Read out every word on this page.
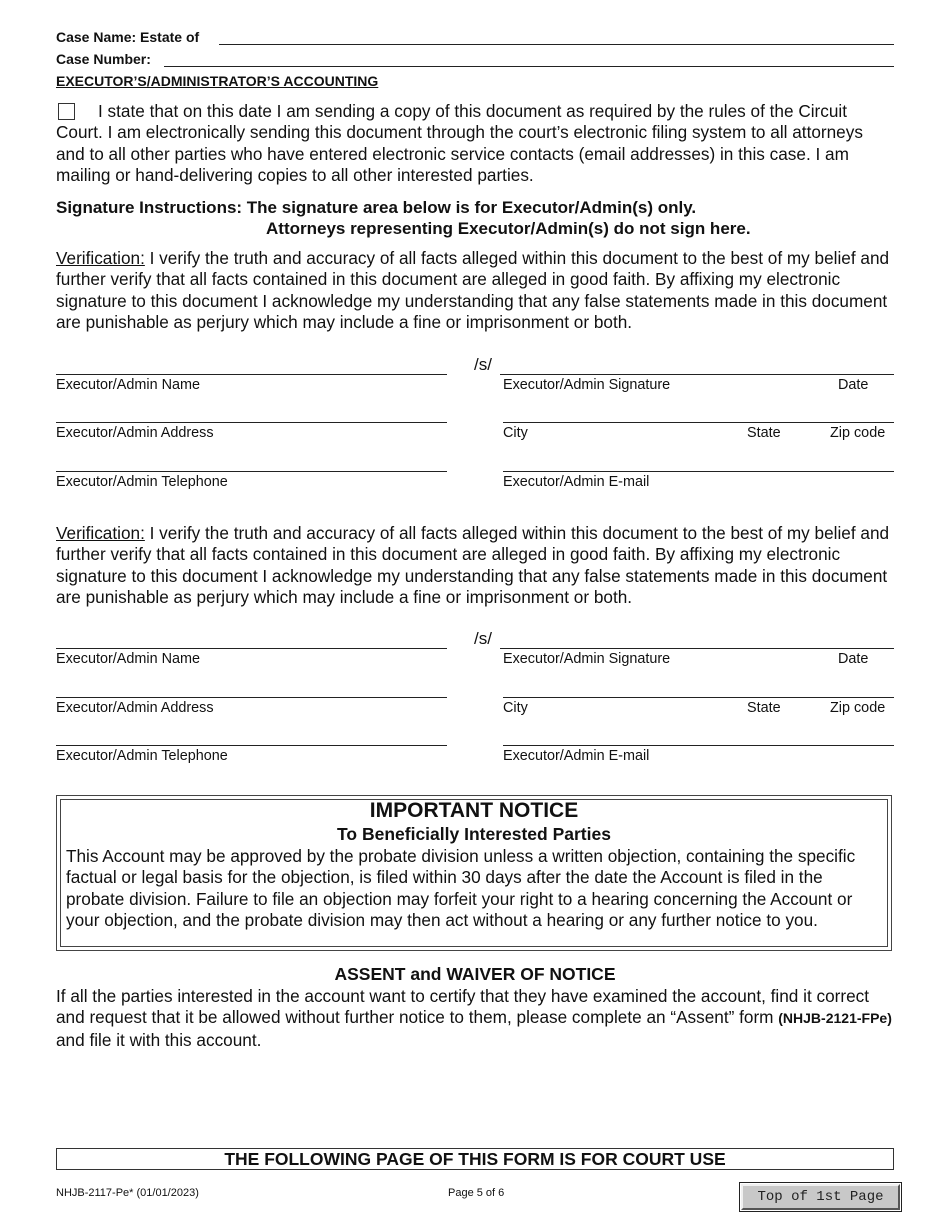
Case Name: Estate of
Case Number:
EXECUTOR’S/ADMINISTRATOR’S ACCOUNTING
I state that on this date I am sending a copy of this document as required by the rules of the Circuit Court. I am electronically sending this document through the court’s electronic filing system to all attorneys and to all other parties who have entered electronic service contacts (email addresses) in this case. I am mailing or hand-delivering copies to all other interested parties.
Signature Instructions: The signature area below is for Executor/Admin(s) only.
Attorneys representing Executor/Admin(s) do not sign here.
Verification: I verify the truth and accuracy of all facts alleged within this document to the best of my belief and further verify that all facts contained in this document are alleged in good faith. By affixing my electronic signature to this document I acknowledge my understanding that any false statements made in this document are punishable as perjury which may include a fine or imprisonment or both.
/s/
Executor/Admin Name	Executor/Admin Signature	Date
Executor/Admin Address	City	State	Zip code
Executor/Admin Telephone	Executor/Admin E-mail
Verification: I verify the truth and accuracy of all facts alleged within this document to the best of my belief and further verify that all facts contained in this document are alleged in good faith. By affixing my electronic signature to this document I acknowledge my understanding that any false statements made in this document are punishable as perjury which may include a fine or imprisonment or both.
/s/
Executor/Admin Name	Executor/Admin Signature	Date
Executor/Admin Address	City	State	Zip code
Executor/Admin Telephone	Executor/Admin E-mail
IMPORTANT NOTICE
To Beneficially Interested Parties
This Account may be approved by the probate division unless a written objection, containing the specific factual or legal basis for the objection, is filed within 30 days after the date the Account is filed in the probate division. Failure to file an objection may forfeit your right to a hearing concerning the Account or your objection, and the probate division may then act without a hearing or any further notice to you.
ASSENT and WAIVER OF NOTICE
If all the parties interested in the account want to certify that they have examined the account, find it correct and request that it be allowed without further notice to them, please complete an “Assent” form (NHJB-2121-FPe) and file it with this account.
THE FOLLOWING PAGE OF THIS FORM IS FOR COURT USE
NHJB-2117-Pe* (01/01/2023)	Page 5 of 6	Top of 1st Page
